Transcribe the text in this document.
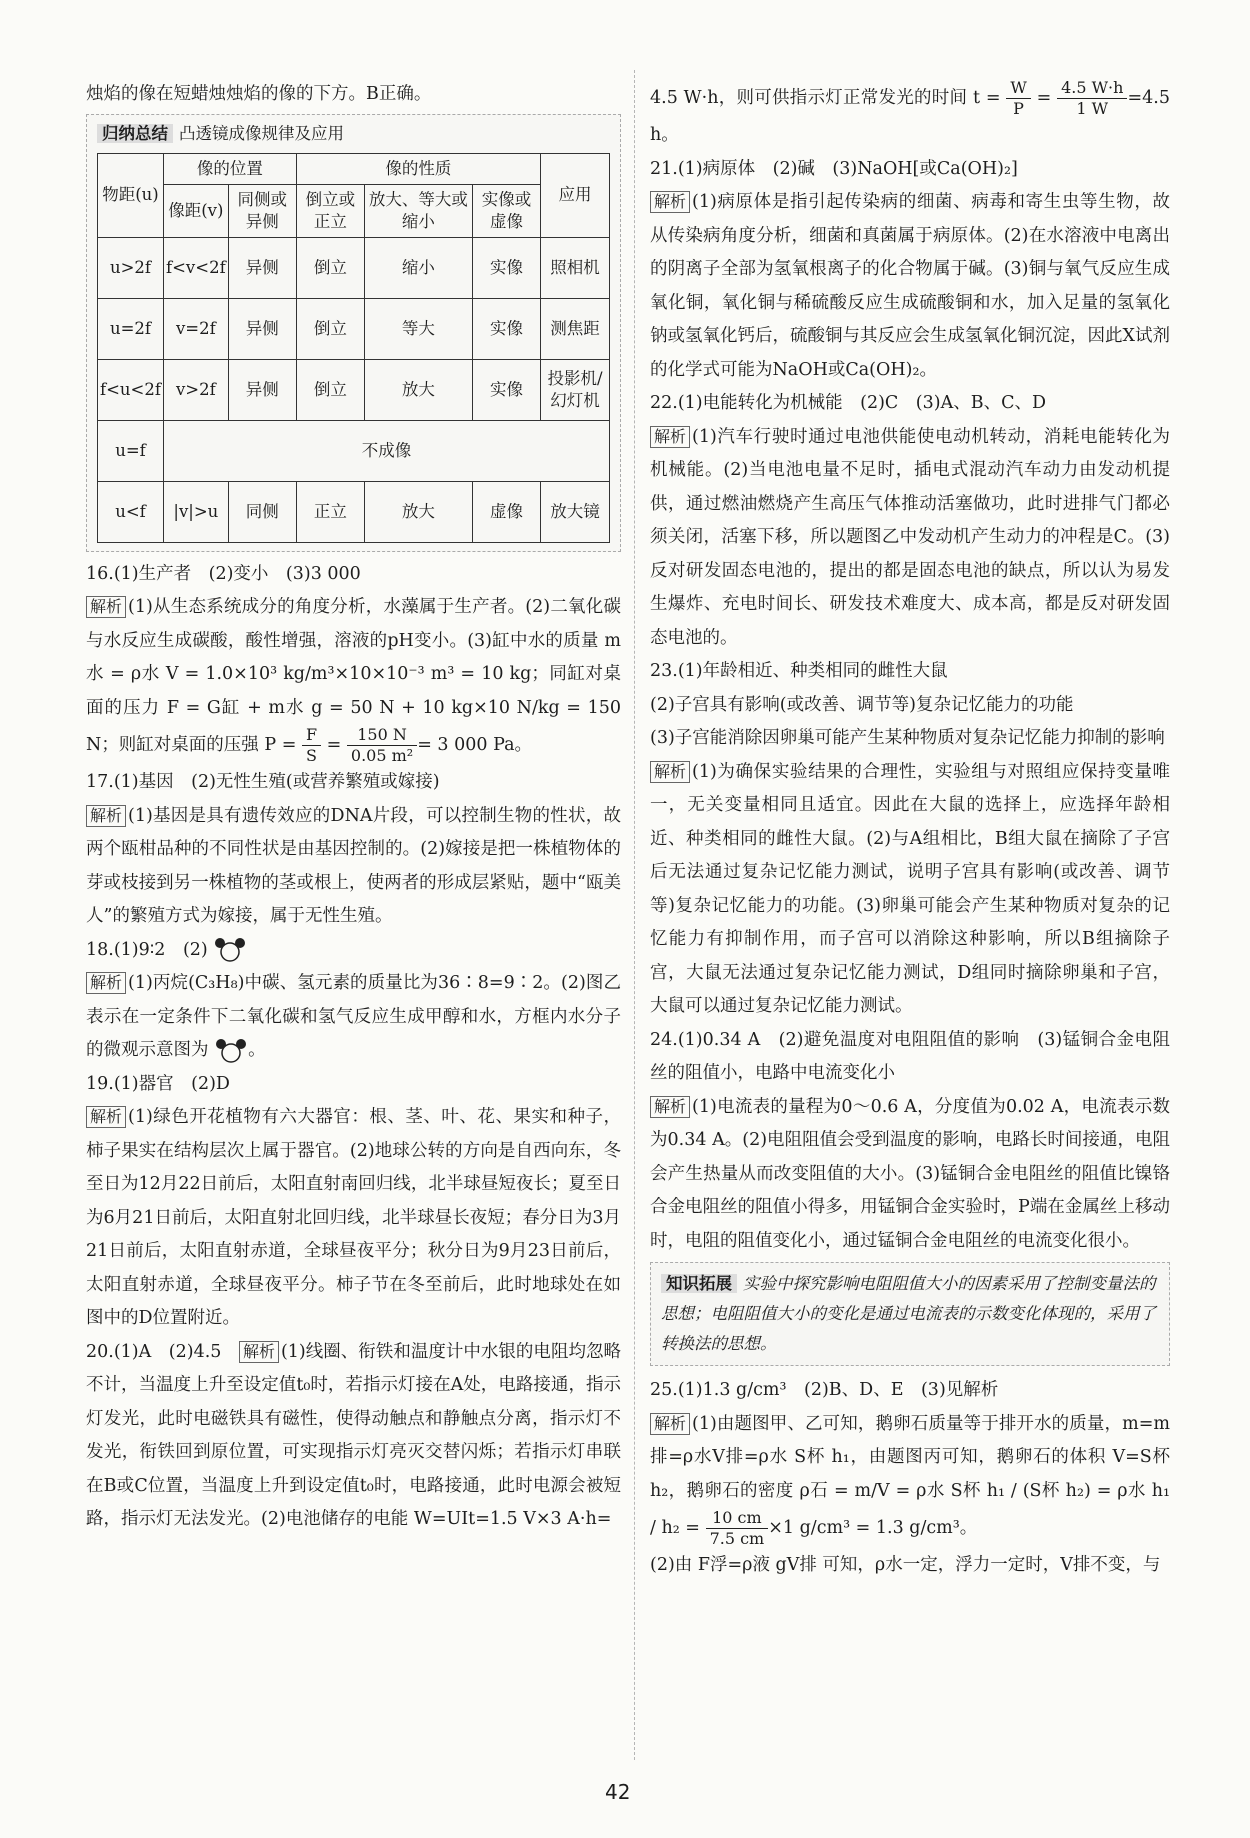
烛焰的像在短蜡烛烛焰的像的下方。B正确。

归纳总结 凸透镜成像规律及应用
物距(u)	像的位置		像的性质			应用
	像距(v)	同侧或异侧	倒立或正立	放大、等大或缩小	实像或虚像	
u>2f	f<v<2f	异侧	倒立	缩小	实像	照相机
u=2f	v=2f	异侧	倒立	等大	实像	测焦距
f<u<2f	v>2f	异侧	倒立	放大	实像	投影机/幻灯机
u=f	不成像					
u<f	|v|>u	同侧	正立	放大	虚像	放大镜

16.(1)生产者　(2)变小　(3)3 000

解析 (1)从生态系统成分的角度分析，水藻属于生产者。(2)二氧化碳与水反应生成碳酸，酸性增强，溶液的pH变小。(3)缸中水的质量 m水 = ρ水 V = 1.0×10³ kg/m³×10×10⁻³ m³ = 10 kg；同缸对桌面的压力 F = G缸 + m水 g = 50 N + 10 kg×10 N/kg = 150 N；则缸对桌面的压强 $P = \frac{F}{S} = \frac{150 N}{\text{0.05 m²}} = 3$ 000 Pa。

17.(1)基因　(2)无性生殖(或营养繁殖或嫁接)

解析 (1)基因是具有遗传效应的DNA片段，可以控制生物的性状，故两个瓯柑品种的不同性状是由基因控制的。(2)嫁接是把一株植物体的芽或枝接到另一株植物的茎或根上，使两者的形成层紧贴，题中“瓯美人”的繁殖方式为嫁接，属于无性生殖。

18.(1)9∶2　(2)

解析 (1)丙烷(C₃H₈)中碳、氢元素的质量比为36∶8=9∶2。(2)图乙表示在一定条件下二氧化碳和氢气反应生成甲醇和水，方框内水分子的微观示意图为 。

19.(1)器官　(2)D

解析 (1)绿色开花植物有六大器官：根、茎、叶、花、果实和种子，柿子果实在结构层次上属于器官。(2)地球公转的方向是自西向东，冬至日为12月22日前后，太阳直射南回归线，北半球昼短夜长；夏至日为6月21日前后，太阳直射北回归线，北半球昼长夜短；春分日为3月21日前后，太阳直射赤道，全球昼夜平分；秋分日为9月23日前后，太阳直射赤道，全球昼夜平分。柿子节在冬至前后，此时地球处在如图中的D位置附近。

20.(1)A　(2)4.5　 解析 (1)线圈、衔铁和温度计中水银的电阻均忽略不计，当温度上升至设定值t₀时，若指示灯接在A处，电路接通，指示灯发光，此时电磁铁具有磁性，使得动触点和静触点分离，指示灯不发光，衔铁回到原位置，可实现指示灯亮灭交替闪烁；若指示灯串联在B或C位置，当温度上升到设定值t₀时，电路接通，此时电源会被短路，指示灯无法发光。(2)电池储存的电能 W=UIt=1.5 V×3 A·h=

4.5 W·h，则可供指示灯正常发光的时间 $t = \frac{W}{P} = \frac{4.5 W\cdot h}{1 W} =4.5$ h。

21.(1)病原体　(2)碱　(3)NaOH[或Ca(OH)₂]

解析 (1)病原体是指引起传染病的细菌、病毒和寄生虫等生物，故从传染病角度分析，细菌和真菌属于病原体。(2)在水溶液中电离出的阴离子全部为氢氧根离子的化合物属于碱。(3)铜与氧气反应生成氧化铜，氧化铜与稀硫酸反应生成硫酸铜和水，加入足量的氢氧化钠或氢氧化钙后，硫酸铜与其反应会生成氢氧化铜沉淀，因此X试剂的化学式可能为NaOH或Ca(OH)₂。

22.(1)电能转化为机械能　(2)C　(3)A、B、C、D

解析 (1)汽车行驶时通过电池供能使电动机转动，消耗电能转化为机械能。(2)当电池电量不足时，插电式混动汽车动力由发动机提供，通过燃油燃烧产生高压气体推动活塞做功，此时进排气门都必须关闭，活塞下移，所以题图乙中发动机产生动力的冲程是C。(3)反对研发固态电池的，提出的都是固态电池的缺点，所以认为易发生爆炸、充电时间长、研发技术难度大、成本高，都是反对研发固态电池的。

23.(1)年龄相近、种类相同的雌性大鼠

(2)子宫具有影响(或改善、调节等)复杂记忆能力的功能

(3)子宫能消除因卵巢可能产生某种物质对复杂记忆能力抑制的影响

解析 (1)为确保实验结果的合理性，实验组与对照组应保持变量唯一，无关变量相同且适宜。因此在大鼠的选择上，应选择年龄相近、种类相同的雌性大鼠。(2)与A组相比，B组大鼠在摘除了子宫后无法通过复杂记忆能力测试，说明子宫具有影响(或改善、调节等)复杂记忆能力的功能。(3)卵巢可能会产生某种物质对复杂的记忆能力有抑制作用，而子宫可以消除这种影响，所以B组摘除子宫，大鼠无法通过复杂记忆能力测试，D组同时摘除卵巢和子宫，大鼠可以通过复杂记忆能力测试。

24.(1)0.34 A　(2)避免温度对电阻阻值的影响　(3)锰铜合金电阻丝的阻值小，电路中电流变化小

解析 (1)电流表的量程为0～0.6 A，分度值为0.02 A，电流表示数为0.34 A。(2)电阻阻值会受到温度的影响，电路长时间接通，电阻会产生热量从而改变阻值的大小。(3)锰铜合金电阻丝的阻值比镍铬合金电阻丝的阻值小得多，用锰铜合金实验时，P端在金属丝上移动时，电阻的阻值变化小，通过锰铜合金电阻丝的电流变化很小。

知识拓展 实验中探究影响电阻阻值大小的因素采用了控制变量法的思想；电阻阻值大小的变化是通过电流表的示数变化体现的，采用了转换法的思想。

25.(1)1.3 g/cm³　(2)B、D、E　(3)见解析

解析 (1)由题图甲、乙可知，鹅卵石质量等于排开水的质量，m=m排=ρ水V排=ρ水 S杯 h₁，由题图丙可知，鹅卵石的体积 V=S杯 h₂，鹅卵石的密度 ρ石 = m/V = ρ水 S杯 h₁ / (S杯 h₂) = ρ水 $h_1 / h_2 = \frac{10 cm}{7.5 cm} \times 1$ g/cm³ = 1.3 g/cm³。

(2)由 F浮=ρ液 gV排 可知，ρ水一定，浮力一定时，V排不变，与

42
